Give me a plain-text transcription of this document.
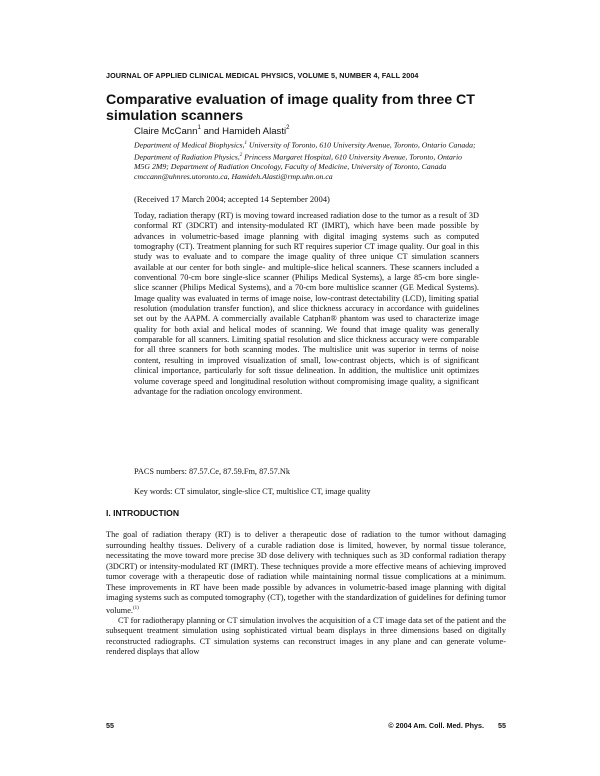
JOURNAL OF APPLIED CLINICAL MEDICAL PHYSICS, VOLUME 5, NUMBER 4, FALL 2004
Comparative evaluation of image quality from three CT simulation scanners
Claire McCann$^1$ and Hamideh Alasti$^2$
Department of Medical Biophysics,$^1$ University of Toronto, 610 University Avenue, Toronto, Ontario Canada; Department of Radiation Physics,$^2$ Princess Margaret Hospital, 610 University Avenue, Toronto, Ontario M5G 2M9; Department of Radiation Oncology, Faculty of Medicine, University of Toronto, Canada
cmccann@uhnres.utoronto.ca, Hamideh.Alasti@rmp.uhn.on.ca
(Received 17 March 2004; accepted 14 September 2004)

Today, radiation therapy (RT) is moving toward increased radiation dose to the tumor as a result of 3D conformal RT (3DCRT) and intensity-modulated RT (IMRT), which have been made possible by advances in volumetric-based image planning with digital imaging systems such as computed tomography (CT). Treatment planning for such RT requires superior CT image quality. Our goal in this study was to evaluate and to compare the image quality of three unique CT simulation scanners available at our center for both single- and multiple-slice helical scanners. These scanners included a conventional 70-cm bore single-slice scanner (Philips Medical Systems), a large 85-cm bore single-slice scanner (Philips Medical Systems), and a 70-cm bore multislice scanner (GE Medical Systems). Image quality was evaluated in terms of image noise, low-contrast detectability (LCD), limiting spatial resolution (modulation transfer function), and slice thickness accuracy in accordance with guidelines set out by the AAPM. A commercially available Catphan® phantom was used to characterize image quality for both axial and helical modes of scanning. We found that image quality was generally comparable for all scanners. Limiting spatial resolution and slice thickness accuracy were comparable for all three scanners for both scanning modes. The multislice unit was superior in terms of noise content, resulting in improved visualization of small, low-contrast objects, which is of significant clinical importance, particularly for soft tissue delineation. In addition, the multislice unit optimizes volume coverage speed and longitudinal resolution without compromising image quality, a significant advantage for the radiation oncology environment.

PACS numbers: 87.57.Ce, 87.59.Fm, 87.57.Nk
Key words: CT simulator, single-slice CT, multislice CT, image quality
I. INTRODUCTION

The goal of radiation therapy (RT) is to deliver a therapeutic dose of radiation to the tumor without damaging surrounding healthy tissues. Delivery of a curable radiation dose is limited, however, by normal tissue tolerance, necessitating the move toward more precise 3D dose delivery with techniques such as 3D conformal radiation therapy (3DCRT) or intensity-modulated RT (IMRT). These techniques provide a more effective means of achieving improved tumor coverage with a therapeutic dose of radiation while maintaining normal tissue complications at a minimum. These improvements in RT have been made possible by advances in volumetric-based image planning with digital imaging systems such as computed tomography (CT), together with the standardization of guidelines for defining tumor volume.$^{(1)}$

CT for radiotherapy planning or CT simulation involves the acquisition of a CT image data set of the patient and the subsequent treatment simulation using sophisticated virtual beam displays in three dimensions based on digitally reconstructed radiographs. CT simulation systems can reconstruct images in any plane and can generate volume-rendered displays that allow

55	© 2004 Am. Coll. Med. Phys. 55
